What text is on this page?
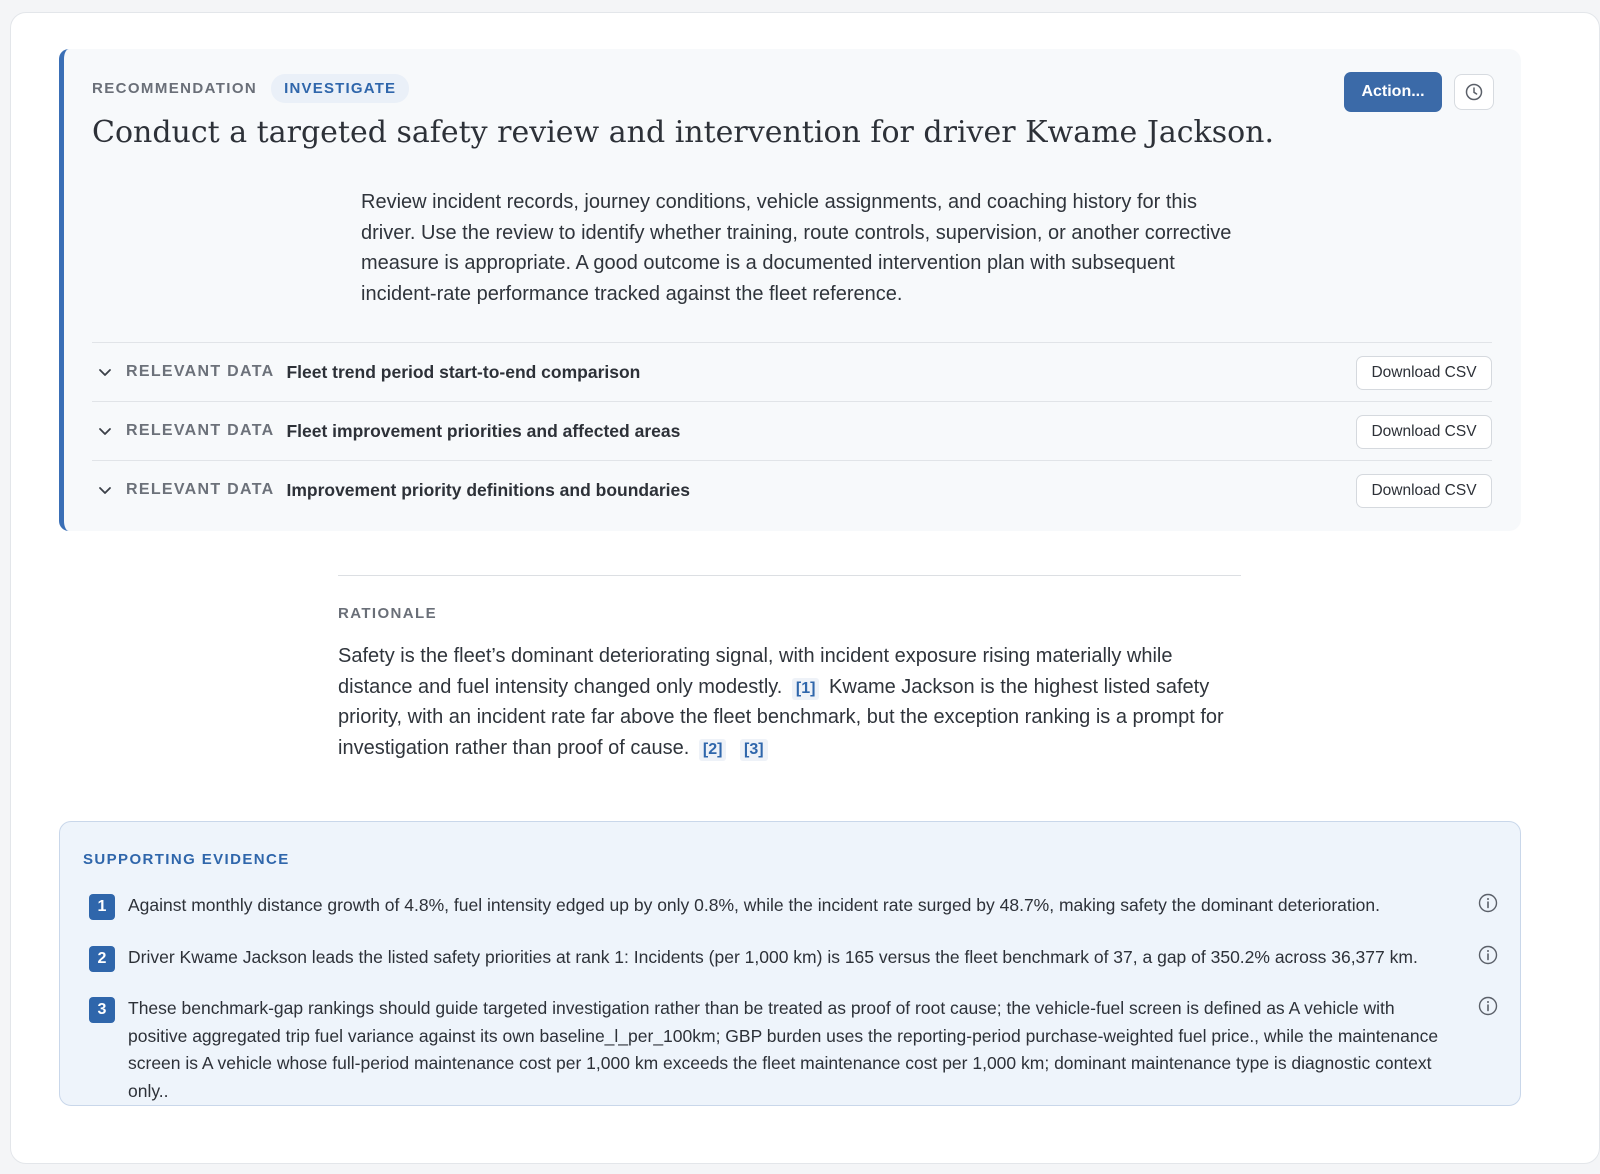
RECOMMENDATION	INVESTIGATE	Action...
Conduct a targeted safety review and intervention for driver Kwame Jackson.
Review incident records, journey conditions, vehicle assignments, and coaching history for this driver. Use the review to identify whether training, route controls, supervision, or another corrective measure is appropriate. A good outcome is a documented intervention plan with subsequent incident-rate performance tracked against the fleet reference.
RELEVANT DATA Fleet trend period start-to-end comparison	Download CSV
RELEVANT DATA Fleet improvement priorities and affected areas	Download CSV
RELEVANT DATA Improvement priority definitions and boundaries	Download CSV
RATIONALE
Safety is the fleet’s dominant deteriorating signal, with incident exposure rising materially while distance and fuel intensity changed only modestly. [1] Kwame Jackson is the highest listed safety priority, with an incident rate far above the fleet benchmark, but the exception ranking is a prompt for investigation rather than proof of cause. [2] [3]
SUPPORTING EVIDENCE
1	Against monthly distance growth of 4.8%, fuel intensity edged up by only 0.8%, while the incident rate surged by 48.7%, making safety the dominant deterioration.
2	Driver Kwame Jackson leads the listed safety priorities at rank 1: Incidents (per 1,000 km) is 165 versus the fleet benchmark of 37, a gap of 350.2% across 36,377 km.
3	These benchmark-gap rankings should guide targeted investigation rather than be treated as proof of root cause; the vehicle-fuel screen is defined as A vehicle with positive aggregated trip fuel variance against its own baseline_l_per_100km; GBP burden uses the reporting-period purchase-weighted fuel price., while the maintenance screen is A vehicle whose full-period maintenance cost per 1,000 km exceeds the fleet maintenance cost per 1,000 km; dominant maintenance type is diagnostic context only..
